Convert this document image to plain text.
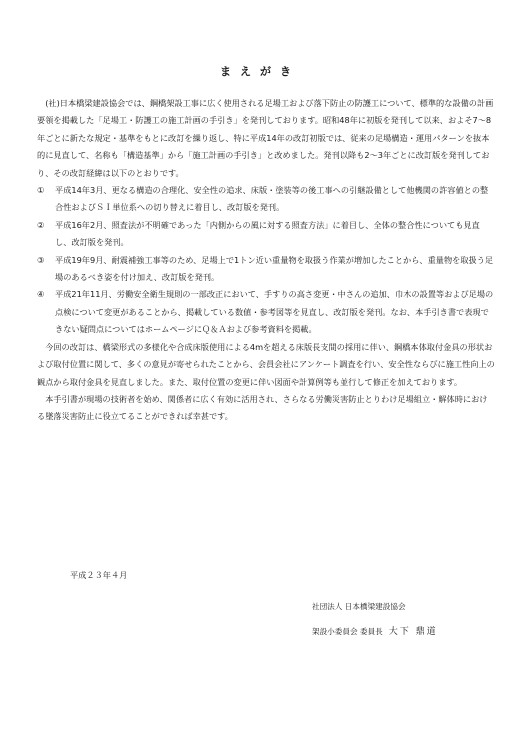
まえがき

(社)日本橋梁建設協会では、鋼橋架設工事に広く使用される足場工および落下防止の防護工について、標準的な設備の計画要領を掲載した「足場工・防護工の施工計画の手引き」を発刊しております。昭和48年に初版を発刊して以来、およそ7～8年ごとに新たな規定・基準をもとに改訂を繰り返し、特に平成14年の改訂初版では、従来の足場構造・運用パターンを抜本的に見直して、名称も「構造基準」から「施工計画の手引き」と改めました。発刊以降も2～3年ごとに改訂版を発刊しており、その改訂経緯は以下のとおりです。

①	平成14年3月、更なる構造の合理化、安全性の追求、床版・塗装等の後工事への引継設備として他機関の許容値との整合性およびＳＩ単位系への切り替えに着目し、改訂版を発刊。
②	平成16年2月、照査法が不明確であった「内側からの風に対する照査方法」に着目し、全体の整合性についても見直し、改訂版を発刊。
③	平成19年9月、耐震補強工事等のため、足場上で1トン近い重量物を取扱う作業が増加したことから、重量物を取扱う足場のあるべき姿を付け加え、改訂版を発刊。
④	平成21年11月、労働安全衛生規則の一部改正において、手すりの高さ変更・中さんの追加、巾木の設置等および足場の点検について変更があることから、掲載している数値・参考図等を見直し、改訂版を発刊。なお、本手引き書で表現できない疑問点についてはホームページにＱ＆Ａおよび参考資料を掲載。

今回の改訂は、橋梁形式の多様化や合成床版使用による4mを超える床版長支間の採用に伴い、鋼橋本体取付金具の形状および取付位置に関して、多くの意見が寄せられたことから、会員会社にアンケート調査を行い、安全性ならびに施工性向上の観点から取付金具を見直しました。また、取付位置の変更に伴い図面や計算例等も並行して修正を加えております。

本手引書が現場の技術者を始め、関係者に広く有効に活用され、さらなる労働災害防止とりわけ足場組立・解体時における墜落災害防止に役立てることができれば幸甚です。

平成２３年４月
社団法人 日本橋梁建設協会
架設小委員会 委員長 大下 鼎道
